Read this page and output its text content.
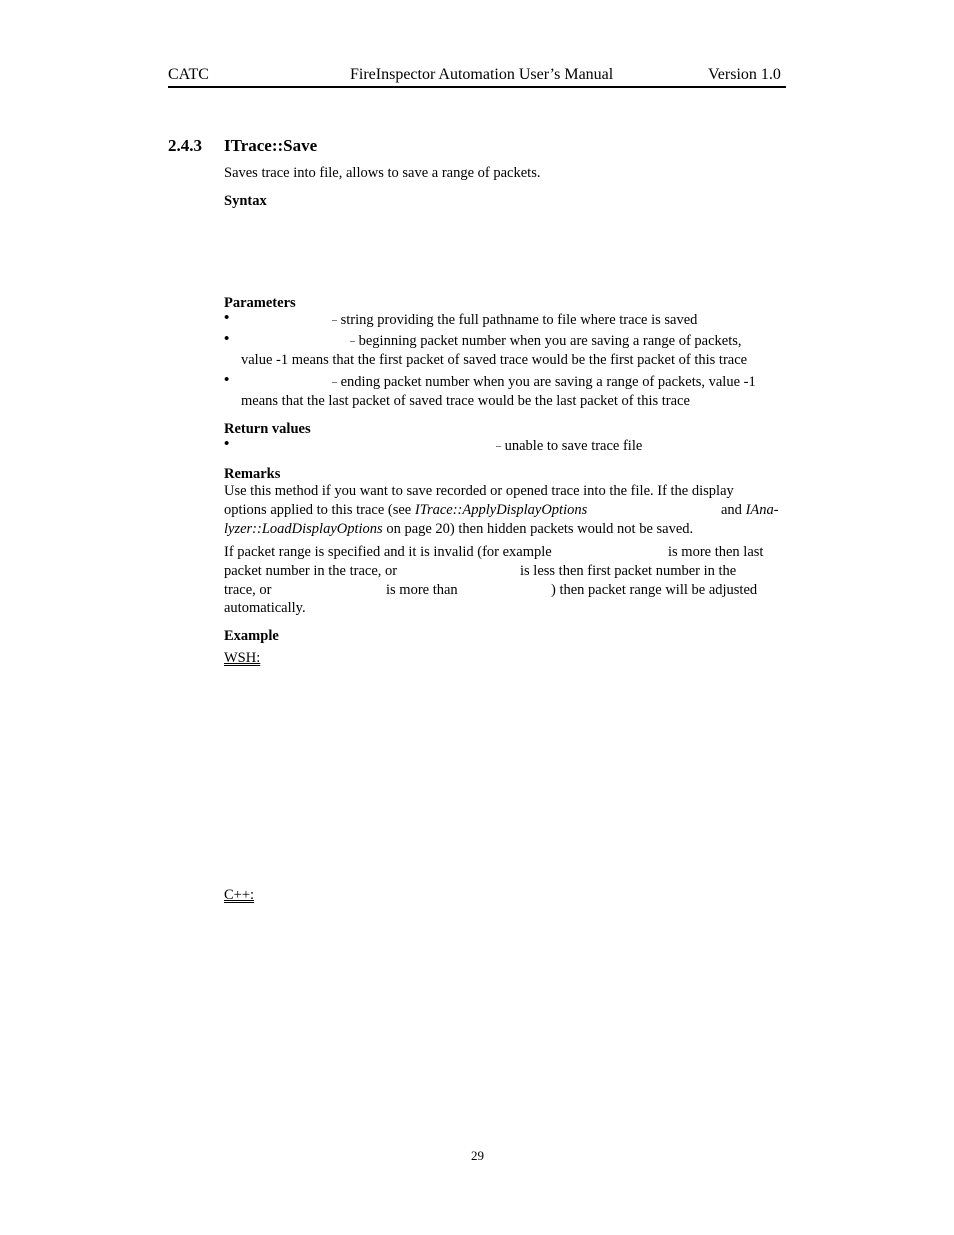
CATC	FireInspector Automation User’s Manual	Version 1.0
2.4.3 ITrace::Save
Saves trace into file, allows to save a range of packets.
Syntax
Parameters
•	– string providing the full pathname to file where trace is saved
•	– beginning packet number when you are saving a range of packets,
value -1 means that the first packet of saved trace would be the first packet of this trace
•	– ending packet number when you are saving a range of packets, value -1
means that the last packet of saved trace would be the last packet of this trace
Return values
•	– unable to save trace file
Remarks
Use this method if you want to save recorded or opened trace into the file. If the display
options applied to this trace (see ITrace::ApplyDisplayOptions	and IAna-
lyzer::LoadDisplayOptions on page 20) then hidden packets would not be saved.
If packet range is specified and it is invalid (for example	is more then last
packet number in the trace, or	is less then first packet number in the
trace, or	is more than	) then packet range will be adjusted
automatically.
Example
WSH:
C++:
29
